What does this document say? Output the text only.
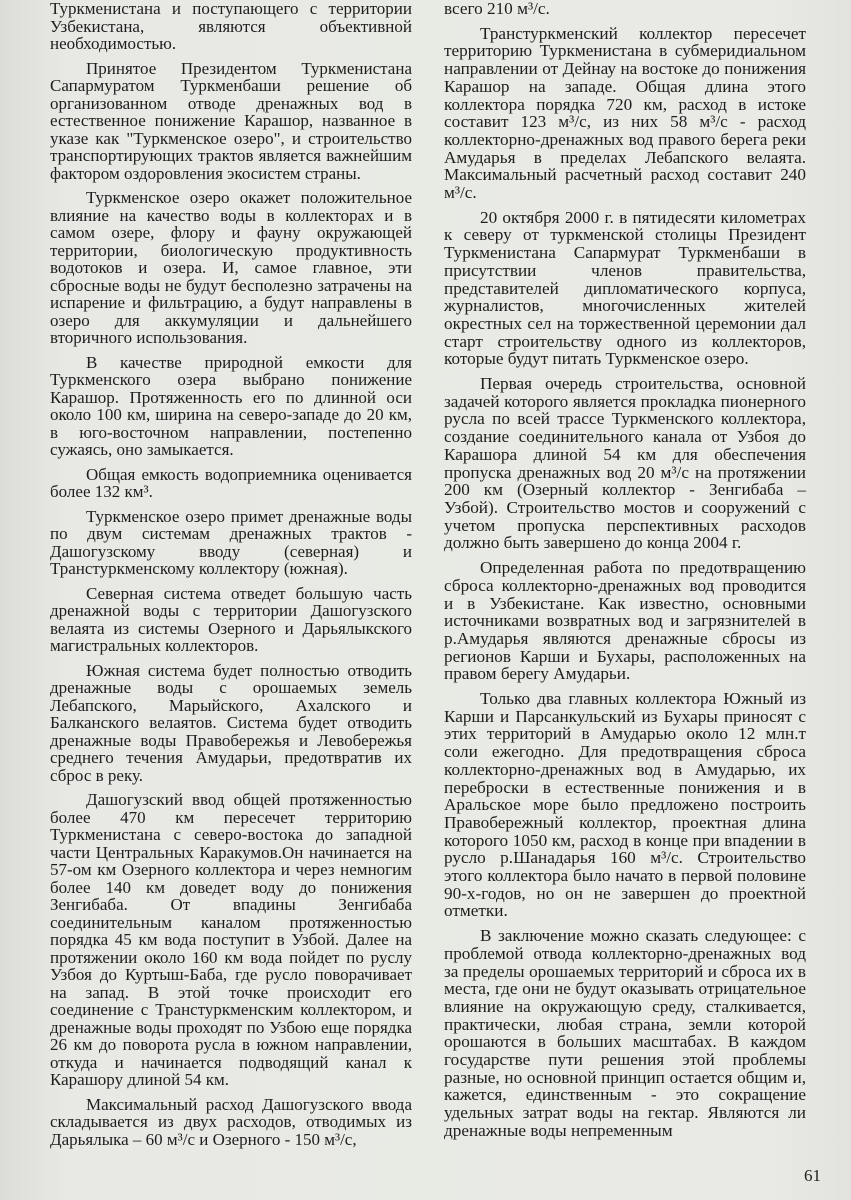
Туркменистана и поступающего с территории Узбекистана, являются объективной необходимостью.

Принятое Президентом Туркменистана Сапармуратом Туркменбаши решение об организованном отводе дренажных вод в естественное понижение Карашор, названное в указе как "Туркменское озеро", и строительство транспортирующих трактов является важнейшим фактором оздоровления экосистем страны.

Туркменское озеро окажет положительное влияние на качество воды в коллекторах и в самом озере, флору и фауну окружающей территории, биологическую продуктивность водотоков и озера. И, самое главное, эти сбросные воды не будут бесполезно затрачены на испарение и фильтрацию, а будут направлены в озеро для аккумуляции и дальнейшего вторичного использования.

В качестве природной емкости для Туркменского озера выбрано понижение Карашор. Протяженность его по длинной оси около 100 км, ширина на северо-западе до 20 км, в юго-восточном направлении, постепенно сужаясь, оно замыкается.

Общая емкость водоприемника оценивается более 132 км³.

Туркменское озеро примет дренажные воды по двум системам дренажных трактов - Дашогузскому вводу (северная) и Транстуркменскому коллектору (южная).

Северная система отведет большую часть дренажной воды с территории Дашогузского велаята из системы Озерного и Дарьялыкского магистральных коллекторов.

Южная система будет полностью отводить дренажные воды с орошаемых земель Лебапского, Марыйского, Ахалского и Балканского велаятов. Система будет отводить дренажные воды Правобережья и Левобережья среднего течения Амударьи, предотвратив их сброс в реку.

Дашогузский ввод общей протяженностью более 470 км пересечет территорию Туркменистана с северо-востока до западной части Центральных Каракумов.Он начинается на 57-ом км Озерного коллектора и через немногим более 140 км доведет воду до понижения Зенгибаба. От впадины Зенгибаба соединительным каналом протяженностью порядка 45 км вода поступит в Узбой. Далее на протяжении около 160 км вода пойдет по руслу Узбоя до Куртыш-Баба, где русло поворачивает на запад. В этой точке происходит его соединение с Транстуркменским коллектором, и дренажные воды проходят по Узбою еще порядка 26 км до поворота русла в южном направлении, откуда и начинается подводящий канал к Карашору длиной 54 км.

Максимальный расход Дашогузского ввода складывается из двух расходов, отводимых из Дарьялыка – 60 м³/с и Озерного - 150 м³/с,

всего 210 м³/с.

Транстуркменский коллектор пересечет территорию Туркменистана в субмеридиальном направлении от Дейнау на востоке до понижения Карашор на западе. Общая длина этого коллектора порядка 720 км, расход в истоке составит 123 м³/с, из них 58 м³/с - расход коллекторно-дренажных вод правого берега реки Амударья в пределах Лебапского велаята. Максимальный расчетный расход составит 240 м³/с.

20 октября 2000 г. в пятидесяти километрах к северу от туркменской столицы Президент Туркменистана Сапармурат Туркменбаши в присутствии членов правительства, представителей дипломатического корпуса, журналистов, многочисленных жителей окрестных сел на торжественной церемонии дал старт строительству одного из коллекторов, которые будут питать Туркменское озеро.

Первая очередь строительства, основной задачей которого является прокладка пионерного русла по всей трассе Туркменского коллектора, создание соединительного канала от Узбоя до Карашора длиной 54 км для обеспечения пропуска дренажных вод 20 м³/с на протяжении 200 км (Озерный коллектор - Зенгибаба – Узбой). Строительство мостов и сооружений с учетом пропуска перспективных расходов должно быть завершено до конца 2004 г.

Определенная работа по предотвращению сброса коллекторно-дренажных вод проводится и в Узбекистане. Как известно, основными источниками возвратных вод и загрязнителей в р.Амударья являются дренажные сбросы из регионов Карши и Бухары, расположенных на правом берегу Амударьи.

Только два главных коллектора Южный из Карши и Парсанкульский из Бухары приносят с этих территорий в Амударью около 12 млн.т соли ежегодно. Для предотвращения сброса коллекторно-дренажных вод в Амударью, их переброски в естественные понижения и в Аральское море было предложено построить Правобережный коллектор, проектная длина которого 1050 км, расход в конце при впадении в русло р.Шанадарья 160 м³/с. Строительство этого коллектора было начато в первой половине 90-х-годов, но он не завершен до проектной отметки.

В заключение можно сказать следующее: с проблемой отвода коллекторно-дренажных вод за пределы орошаемых территорий и сброса их в места, где они не будут оказывать отрицательное влияние на окружающую среду, сталкивается, практически, любая страна, земли которой орошаются в больших масштабах. В каждом государстве пути решения этой проблемы разные, но основной принцип остается общим и, кажется, единственным - это сокращение удельных затрат воды на гектар. Являются ли дренажные воды непременным

61
